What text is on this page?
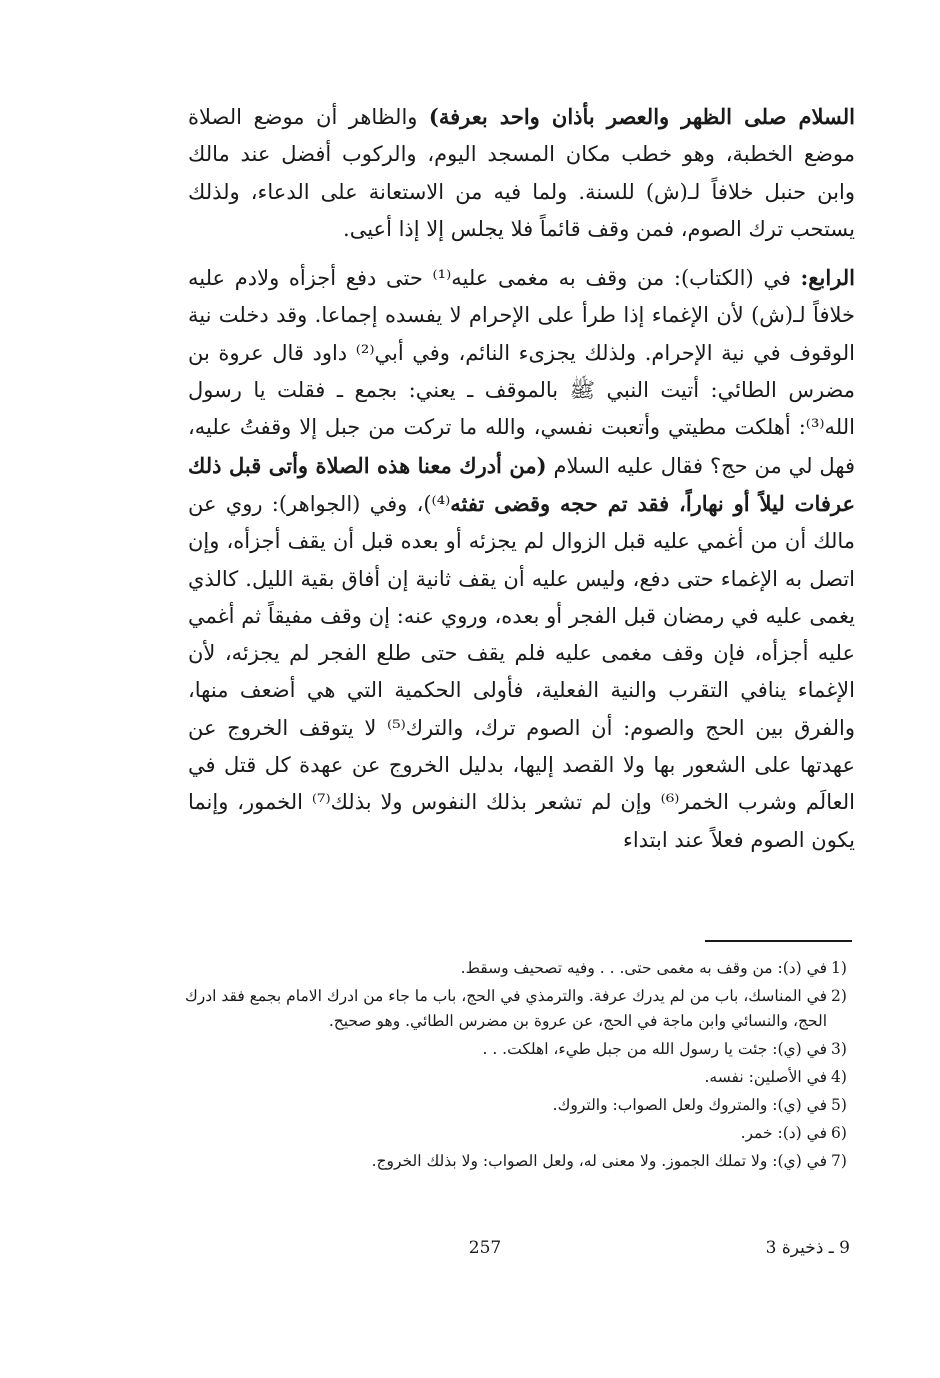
السلام صلى الظهر والعصر بأذان واحد بعرفة) والظاهر أن موضع الصلاة موضع الخطبة، وهو خطب مكان المسجد اليوم، والركوب أفضل عند مالك وابن حنبل خلافاً لـ(ش) للسنة. ولما فيه من الاستعانة على الدعاء، ولذلك يستحب ترك الصوم، فمن وقف قائماً فلا يجلس إلا إذا أعيى.

الرابع: في (الكتاب): من وقف به مغمى عليه⁽¹⁾ حتى دفع أجزأه ولادم عليه خلافاً لـ(ش) لأن الإغماء إذا طرأ على الإحرام لا يفسده إجماعا. وقد دخلت نية الوقوف في نية الإحرام. ولذلك يجزىء النائم، وفي أبي⁽²⁾ داود قال عروة بن مضرس الطائي: أتيت النبي ﷺ بالموقف ـ يعني: بجمع ـ فقلت يا رسول الله⁽³⁾: أهلكت مطيتي وأتعبت نفسي، والله ما تركت من جبل إلا وقفتُ عليه، فهل لي من حج؟ فقال عليه السلام (من أدرك معنا هذه الصلاة وأتى قبل ذلك عرفات ليلاً أو نهاراً، فقد تم حجه وقضى تفثه⁽⁴⁾)، وفي (الجواهر): روي عن مالك أن من أغمي عليه قبل الزوال لم يجزئه أو بعده قبل أن يقف أجزأه، وإن اتصل به الإغماء حتى دفع، وليس عليه أن يقف ثانية إن أفاق بقية الليل. كالذي يغمى عليه في رمضان قبل الفجر أو بعده، وروي عنه: إن وقف مفيقاً ثم أغمي عليه أجزأه، فإن وقف مغمى عليه فلم يقف حتى طلع الفجر لم يجزئه، لأن الإغماء ينافي التقرب والنية الفعلية، فأولى الحكمية التي هي أضعف منها، والفرق بين الحج والصوم: أن الصوم ترك، والترك⁽⁵⁾ لا يتوقف الخروج عن عهدتها على الشعور بها ولا القصد إليها، بدليل الخروج عن عهدة كل قتل في العالَم وشرب الخمر⁽⁶⁾ وإن لم تشعر بذلك النفوس ولا بذلك⁽⁷⁾ الخمور، وإنما يكون الصوم فعلاً عند ابتداء

1)
في (د): من وقف به مغمى حتى. . . وفيه تصحيف وسقط.
2)
في المناسك، باب من لم يدرك عرفة. والترمذي في الحج، باب ما جاء من ادرك الامام بجمع فقد ادرك الحج، والنسائي وابن ماجة في الحج، عن عروة بن مضرس الطائي. وهو صحيح.
3)
في (ي): جئت يا رسول الله من جبل طيء، اهلكت. . .
4)
في الأصلين: نفسه.
5)
في (ي): والمتروك ولعل الصواب: والتروك.
6)
في (د): خمر.
7)
في (ي): ولا تملك الجموز. ولا معنى له، ولعل الصواب: ولا بذلك الخروج.
257	9 ـ ذخيرة 3
